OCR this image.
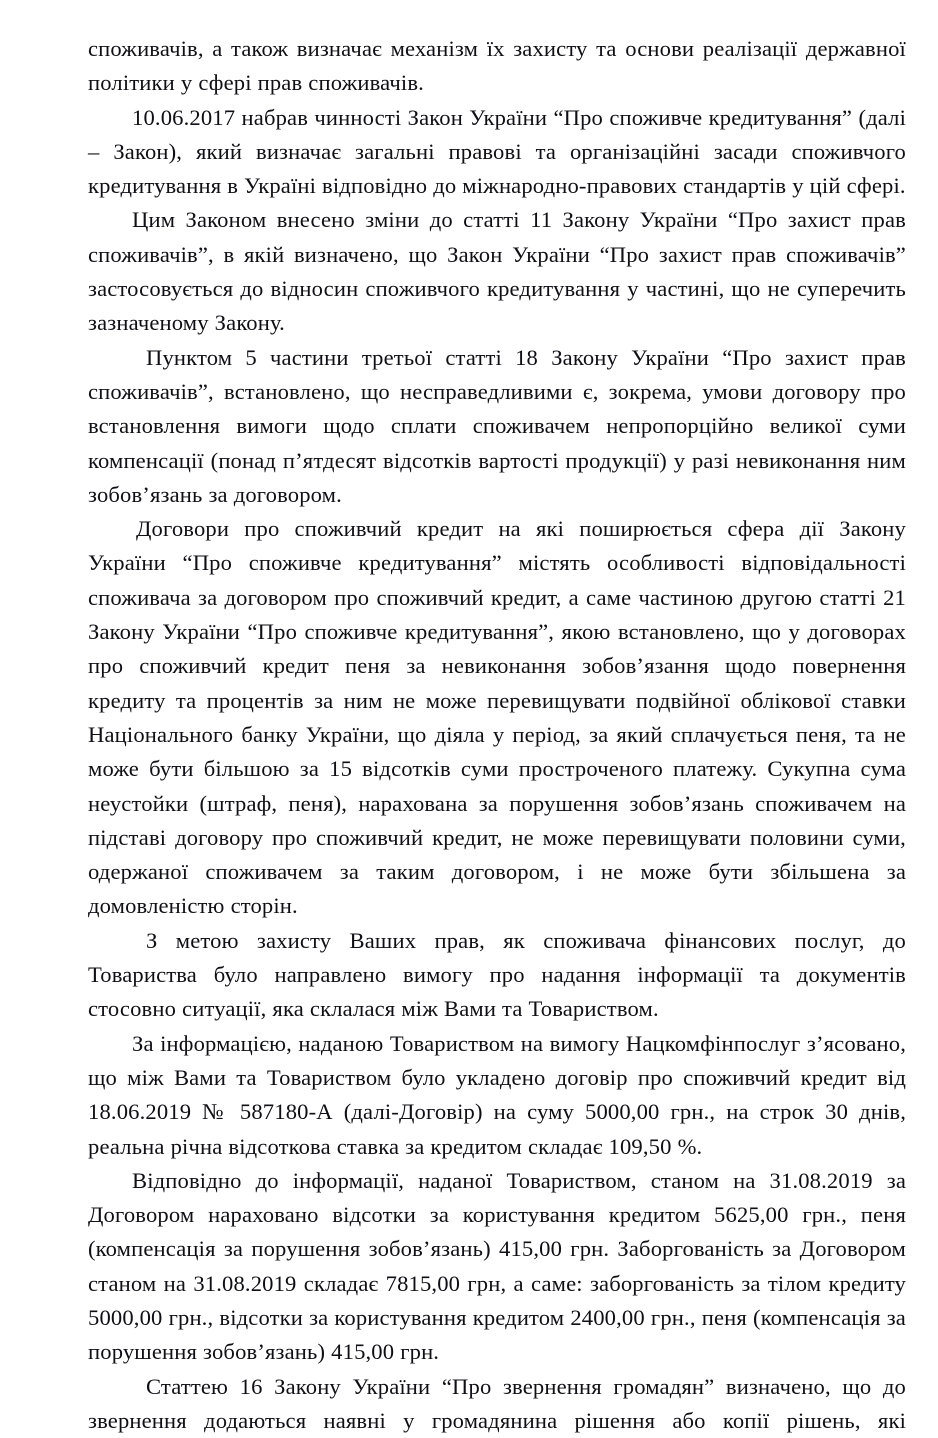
споживачів, а також визначає механізм їх захисту та основи реалізації державної політики у сфері прав споживачів.

10.06.2017 набрав чинності Закон України “Про споживче кредитування” (далі – Закон), який визначає загальні правові та організаційні засади споживчого кредитування в Україні відповідно до міжнародно-правових стандартів у цій сфері.

Цим Законом внесено зміни до статті 11 Закону України “Про захист прав споживачів”, в якій визначено, що Закон України “Про захист прав споживачів” застосовується до відносин споживчого кредитування у частині, що не суперечить зазначеному Закону.

Пунктом 5 частини третьої статті 18 Закону України “Про захист прав споживачів”, встановлено, що несправедливими є, зокрема, умови договору про встановлення вимоги щодо сплати споживачем непропорційно великої суми компенсації (понад п’ятдесят відсотків вартості продукції) у разі невиконання ним зобов’язань за договором.

Договори про споживчий кредит на які поширюється сфера дії Закону України “Про споживче кредитування” містять особливості відповідальності споживача за договором про споживчий кредит, а саме частиною другою статті 21 Закону України “Про споживче кредитування”, якою встановлено, що у договорах про споживчий кредит пеня за невиконання зобов’язання щодо повернення кредиту та процентів за ним не може перевищувати подвійної облікової ставки Національного банку України, що діяла у період, за який сплачується пеня, та не може бути більшою за 15 відсотків суми простроченого платежу. Сукупна сума неустойки (штраф, пеня), нарахована за порушення зобов’язань споживачем на підставі договору про споживчий кредит, не може перевищувати половини суми, одержаної споживачем за таким договором, і не може бути збільшена за домовленістю сторін.

З метою захисту Ваших прав, як споживача фінансових послуг, до Товариства було направлено вимогу про надання інформації та документів стосовно ситуації, яка склалася між Вами та Товариством.

За інформацією, наданою Товариством на вимогу Нацкомфінпослуг з’ясовано, що між Вами та Товариством було укладено договір про споживчий кредит від 18.06.2019 № 587180-А (далі-Договір) на суму 5000,00 грн., на строк 30 днів, реальна річна відсоткова ставка за кредитом складає 109,50 %.

Відповідно до інформації, наданої Товариством, станом на 31.08.2019 за Договором нараховано відсотки за користування кредитом 5625,00 грн., пеня (компенсація за порушення зобов’язань) 415,00 грн. Заборгованість за Договором станом на 31.08.2019 складає 7815,00 грн, а саме: заборгованість за тілом кредиту 5000,00 грн., відсотки за користування кредитом 2400,00 грн., пеня (компенсація за порушення зобов’язань) 415,00 грн.

Статтею 16 Закону України “Про звернення громадян” визначено, що до звернення додаються наявні у громадянина рішення або копії рішень, які
